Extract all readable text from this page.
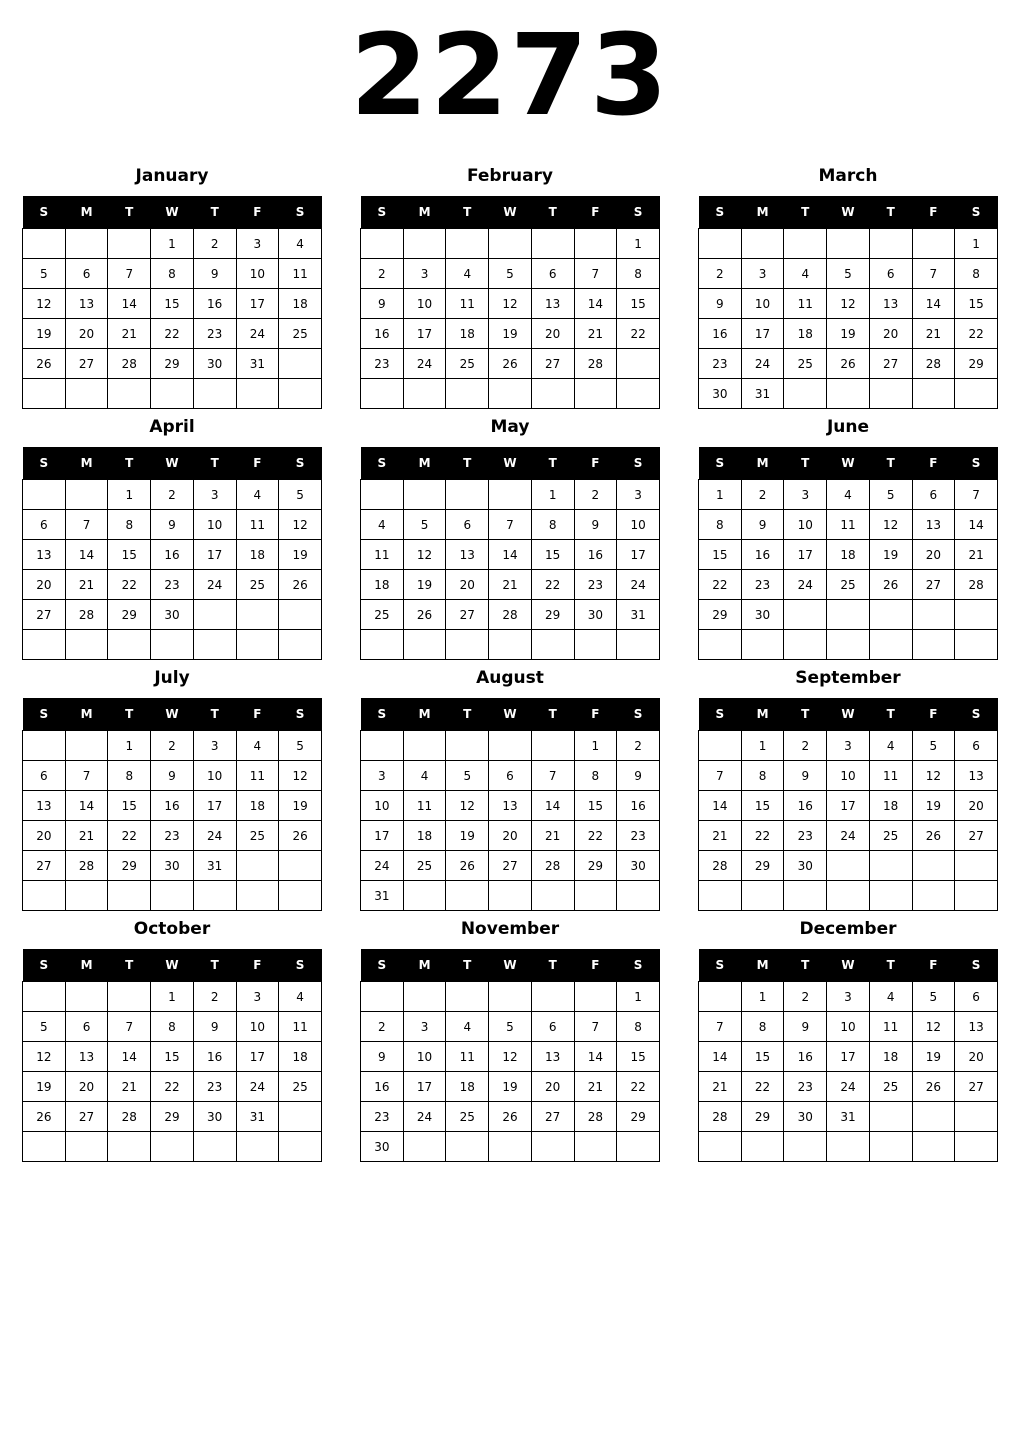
2273
January
S	M	T	W	T	F	S
			1	2	3	4
5	6	7	8	9	10	11
12	13	14	15	16	17	18
19	20	21	22	23	24	25
26	27	28	29	30	31	

February
S	M	T	W	T	F	S
						1
2	3	4	5	6	7	8
9	10	11	12	13	14	15
16	17	18	19	20	21	22
23	24	25	26	27	28	

March
S	M	T	W	T	F	S
						1
2	3	4	5	6	7	8
9	10	11	12	13	14	15
16	17	18	19	20	21	22
23	24	25	26	27	28	29
30	31					
April
S	M	T	W	T	F	S
		1	2	3	4	5
6	7	8	9	10	11	12
13	14	15	16	17	18	19
20	21	22	23	24	25	26
27	28	29	30			

May
S	M	T	W	T	F	S
				1	2	3
4	5	6	7	8	9	10
11	12	13	14	15	16	17
18	19	20	21	22	23	24
25	26	27	28	29	30	31

June
S	M	T	W	T	F	S
1	2	3	4	5	6	7
8	9	10	11	12	13	14
15	16	17	18	19	20	21
22	23	24	25	26	27	28
29	30					

July
S	M	T	W	T	F	S
		1	2	3	4	5
6	7	8	9	10	11	12
13	14	15	16	17	18	19
20	21	22	23	24	25	26
27	28	29	30	31		

August
S	M	T	W	T	F	S
					1	2
3	4	5	6	7	8	9
10	11	12	13	14	15	16
17	18	19	20	21	22	23
24	25	26	27	28	29	30
31						
September
S	M	T	W	T	F	S
	1	2	3	4	5	6
7	8	9	10	11	12	13
14	15	16	17	18	19	20
21	22	23	24	25	26	27
28	29	30				

October
S	M	T	W	T	F	S
			1	2	3	4
5	6	7	8	9	10	11
12	13	14	15	16	17	18
19	20	21	22	23	24	25
26	27	28	29	30	31	

November
S	M	T	W	T	F	S
						1
2	3	4	5	6	7	8
9	10	11	12	13	14	15
16	17	18	19	20	21	22
23	24	25	26	27	28	29
30						
December
S	M	T	W	T	F	S
	1	2	3	4	5	6
7	8	9	10	11	12	13
14	15	16	17	18	19	20
21	22	23	24	25	26	27
28	29	30	31			
